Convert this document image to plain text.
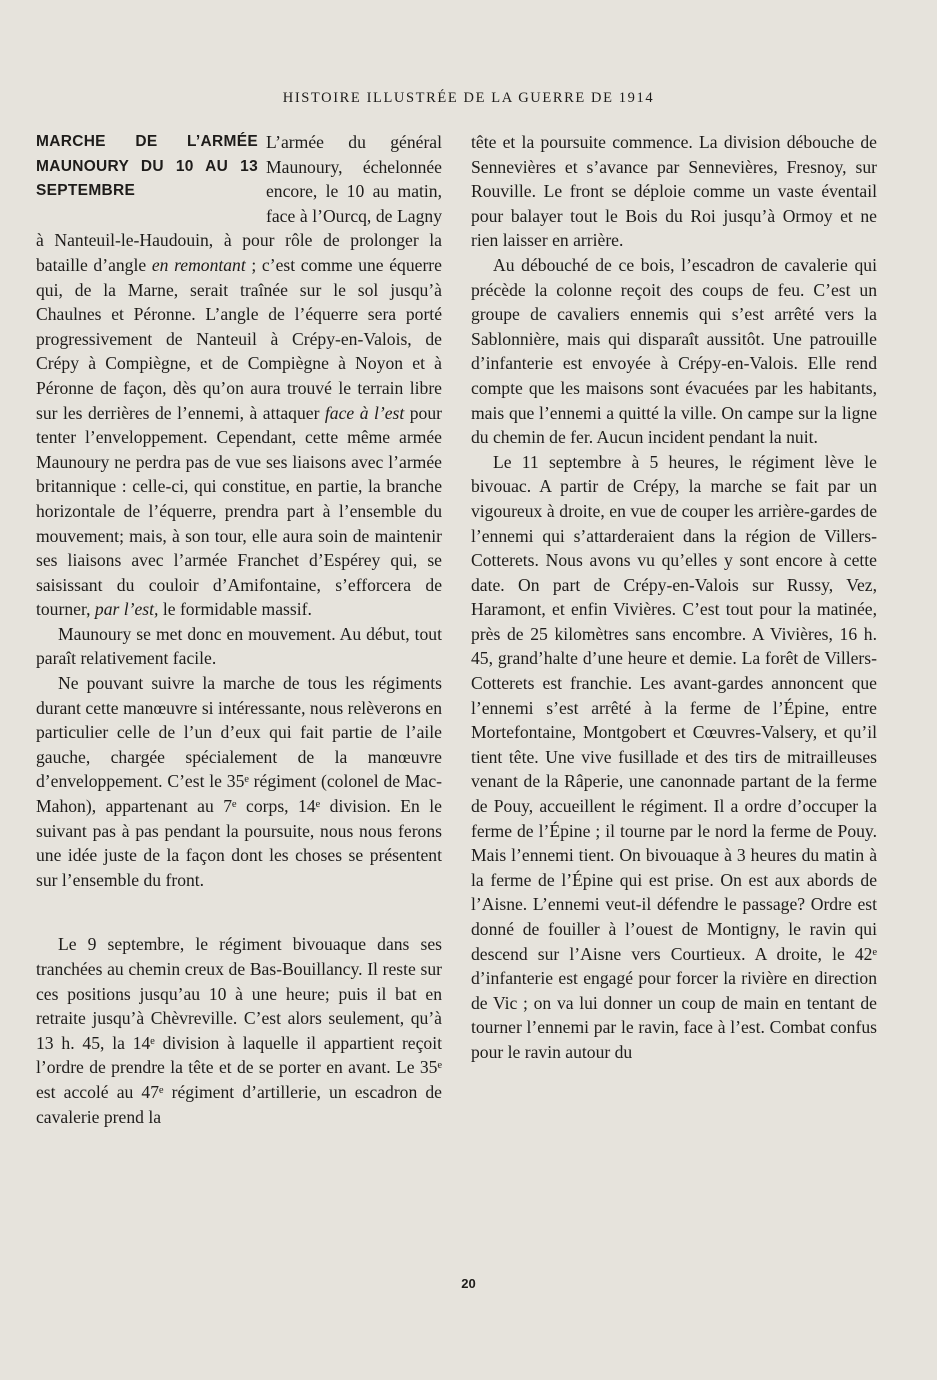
HISTOIRE ILLUSTRÉE DE LA GUERRE DE 1914
MARCHE DE L’ARMÉE MAUNOURY DU 10 AU 13 SEPTEMBRE

L’armée du général Maunoury, échelonnée encore, le 10 au matin, face à l’Ourcq, de Lagny à Nanteuil-le-Haudouin, à pour rôle de prolonger la bataille d’angle en remontant ; c’est comme une équerre qui, de la Marne, serait traînée sur le sol jusqu’à Chaulnes et Péronne. L’angle de l’équerre sera porté progressivement de Nanteuil à Crépy-en-Valois, de Crépy à Compiègne, et de Compiègne à Noyon et à Péronne de façon, dès qu’on aura trouvé le terrain libre sur les derrières de l’ennemi, à attaquer face à l’est pour tenter l’enveloppement. Cependant, cette même armée Maunoury ne perdra pas de vue ses liaisons avec l’armée britannique : celle-ci, qui constitue, en partie, la branche horizontale de l’équerre, prendra part à l’ensemble du mouvement; mais, à son tour, elle aura soin de maintenir ses liaisons avec l’armée Franchet d’Espérey qui, se saisissant du couloir d’Amifontaine, s’efforcera de tourner, par l’est, le formidable massif.

Maunoury se met donc en mouvement. Au début, tout paraît relativement facile.

Ne pouvant suivre la marche de tous les régiments durant cette manœuvre si intéressante, nous relèverons en particulier celle de l’un d’eux qui fait partie de l’aile gauche, chargée spécialement de la manœuvre d’enveloppement. C’est le 35ᵉ régiment (colonel de Mac-Mahon), appartenant au 7ᵉ corps, 14ᵉ division. En le suivant pas à pas pendant la poursuite, nous nous ferons une idée juste de la façon dont les choses se présentent sur l’ensemble du front.

Le 9 septembre, le régiment bivouaque dans ses tranchées au chemin creux de Bas-Bouillancy. Il reste sur ces positions jusqu’au 10 à une heure; puis il bat en retraite jusqu’à Chèvreville. C’est alors seulement, qu’à 13 h. 45, la 14ᵉ division à laquelle il appartient reçoit l’ordre de prendre la tête et de se porter en avant. Le 35ᵉ est accolé au 47ᵉ régiment d’artillerie, un escadron de cavalerie prend la

tête et la poursuite commence. La division débouche de Sennevières et s’avance par Sennevières, Fresnoy, sur Rouville. Le front se déploie comme un vaste éventail pour balayer tout le Bois du Roi jusqu’à Ormoy et ne rien laisser en arrière.

Au débouché de ce bois, l’escadron de cavalerie qui précède la colonne reçoit des coups de feu. C’est un groupe de cavaliers ennemis qui s’est arrêté vers la Sablonnière, mais qui disparaît aussitôt. Une patrouille d’infanterie est envoyée à Crépy-en-Valois. Elle rend compte que les maisons sont évacuées par les habitants, mais que l’ennemi a quitté la ville. On campe sur la ligne du chemin de fer. Aucun incident pendant la nuit.

Le 11 septembre à 5 heures, le régiment lève le bivouac. A partir de Crépy, la marche se fait par un vigoureux à droite, en vue de couper les arrière-gardes de l’ennemi qui s’attarderaient dans la région de Villers-Cotterets. Nous avons vu qu’elles y sont encore à cette date. On part de Crépy-en-Valois sur Russy, Vez, Haramont, et enfin Vivières. C’est tout pour la matinée, près de 25 kilomètres sans encombre. A Vivières, 16 h. 45, grand’halte d’une heure et demie. La forêt de Villers-Cotterets est franchie. Les avant-gardes annoncent que l’ennemi s’est arrêté à la ferme de l’Épine, entre Mortefontaine, Montgobert et Cœuvres-Valsery, et qu’il tient tête. Une vive fusillade et des tirs de mitrailleuses venant de la Râperie, une canonnade partant de la ferme de Pouy, accueillent le régiment. Il a ordre d’occuper la ferme de l’Épine ; il tourne par le nord la ferme de Pouy. Mais l’ennemi tient. On bivouaque à 3 heures du matin à la ferme de l’Épine qui est prise. On est aux abords de l’Aisne. L’ennemi veut-il défendre le passage? Ordre est donné de fouiller à l’ouest de Montigny, le ravin qui descend sur l’Aisne vers Courtieux. A droite, le 42ᵉ d’infanterie est engagé pour forcer la rivière en direction de Vic ; on va lui donner un coup de main en tentant de tourner l’ennemi par le ravin, face à l’est. Combat confus pour le ravin autour du

20
